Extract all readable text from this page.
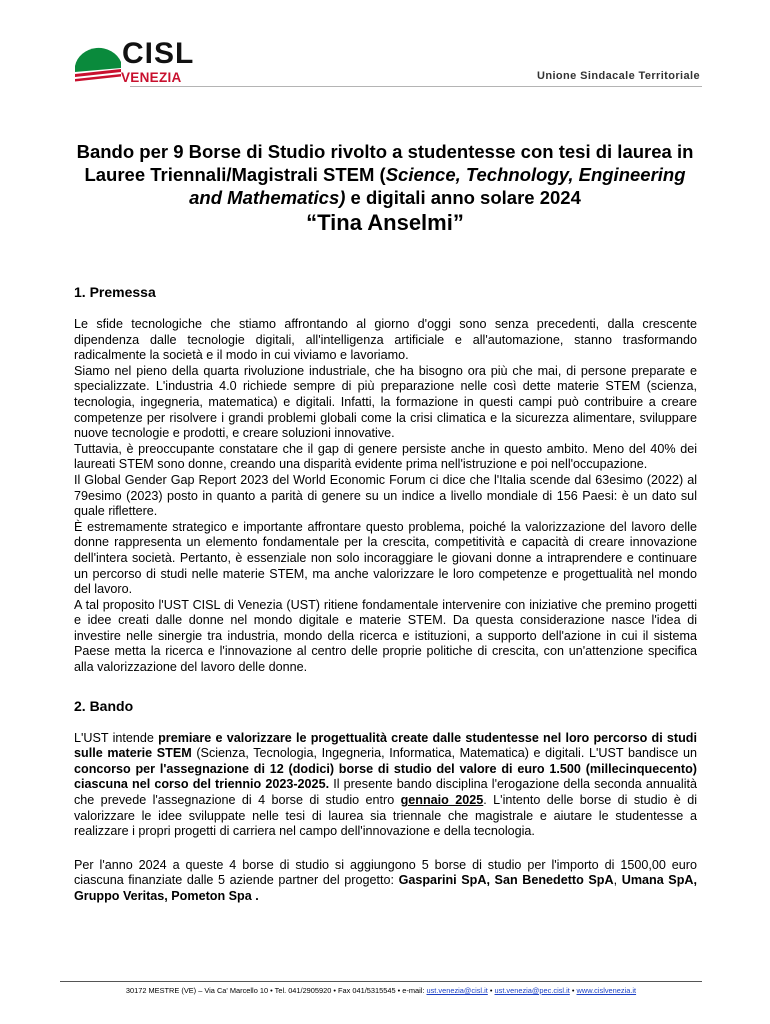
CISL
VENEZIA	Unione Sindacale Territoriale
Bando per 9 Borse di Studio rivolto a studentesse con tesi di laurea in Lauree Triennali/Magistrali STEM (Science, Technology, Engineering and Mathematics) e digitali anno solare 2024
“Tina Anselmi”
1. Premessa

Le sfide tecnologiche che stiamo affrontando al giorno d'oggi sono senza precedenti, dalla crescente dipendenza dalle tecnologie digitali, all'intelligenza artificiale e all'automazione, stanno trasformando radicalmente la società e il modo in cui viviamo e lavoriamo.

Siamo nel pieno della quarta rivoluzione industriale, che ha bisogno ora più che mai, di persone preparate e specializzate. L'industria 4.0 richiede sempre di più preparazione nelle così dette materie STEM (scienza, tecnologia, ingegneria, matematica) e digitali. Infatti, la formazione in questi campi può contribuire a creare competenze per risolvere i grandi problemi globali come la crisi climatica e la sicurezza alimentare, sviluppare nuove tecnologie e prodotti, e creare soluzioni innovative.

Tuttavia, è preoccupante constatare che il gap di genere persiste anche in questo ambito. Meno del 40% dei laureati STEM sono donne, creando una disparità evidente prima nell'istruzione e poi nell'occupazione.

Il Global Gender Gap Report 2023 del World Economic Forum ci dice che l'Italia scende dal 63esimo (2022) al 79esimo (2023) posto in quanto a parità di genere su un indice a livello mondiale di 156 Paesi: è un dato sul quale riflettere.

È estremamente strategico e importante affrontare questo problema, poiché la valorizzazione del lavoro delle donne rappresenta un elemento fondamentale per la crescita, competitività e capacità di creare innovazione dell'intera società. Pertanto, è essenziale non solo incoraggiare le giovani donne a intraprendere e continuare un percorso di studi nelle materie STEM, ma anche valorizzare le loro competenze e progettualità nel mondo del lavoro.

A tal proposito l'UST CISL di Venezia (UST) ritiene fondamentale intervenire con iniziative che premino progetti e idee creati dalle donne nel mondo digitale e materie STEM. Da questa considerazione nasce l'idea di investire nelle sinergie tra industria, mondo della ricerca e istituzioni, a supporto dell'azione in cui il sistema Paese metta la ricerca e l'innovazione al centro delle proprie politiche di crescita, con un'attenzione specifica alla valorizzazione del lavoro delle donne.

2. Bando

L'UST intende premiare e valorizzare le progettualità create dalle studentesse nel loro percorso di studi sulle materie STEM (Scienza, Tecnologia, Ingegneria, Informatica, Matematica) e digitali. L'UST bandisce un concorso per l'assegnazione di 12 (dodici) borse di studio del valore di euro 1.500 (millecinquecento) ciascuna nel corso del triennio 2023-2025. Il presente bando disciplina l'erogazione della seconda annualità che prevede l'assegnazione di 4 borse di studio entro gennaio 2025. L'intento delle borse di studio è di valorizzare le idee sviluppate nelle tesi di laurea sia triennale che magistrale e aiutare le studentesse a realizzare i propri progetti di carriera nel campo dell'innovazione e della tecnologia.

Per l'anno 2024 a queste 4 borse di studio si aggiungono 5 borse di studio per l'importo di 1500,00 euro ciascuna finanziate dalle 5 aziende partner del progetto: Gasparini SpA, San Benedetto SpA, Umana SpA, Gruppo Veritas, Pometon Spa .

30172 MESTRE (VE) – Via Ca' Marcello 10 • Tel. 041/2905920 • Fax 041/5315545 • e-mail: ust.venezia@cisl.it • ust.venezia@pec.cisl.it • www.cislvenezia.it
